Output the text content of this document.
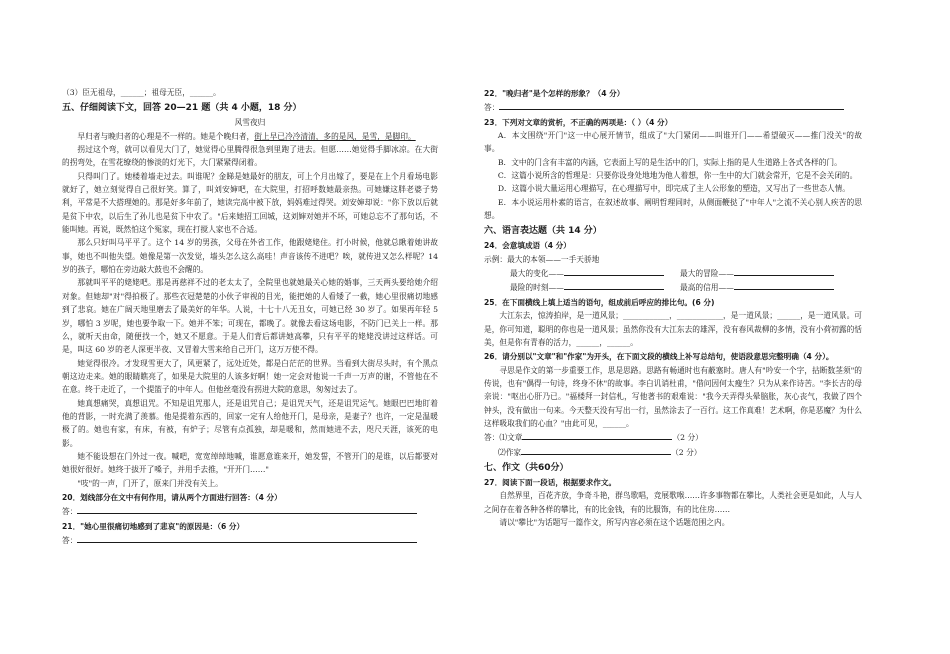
（3）臣无祖母，______；祖母无臣，______。

五、仔细阅读下文，回答 20—21 题（共 4 小题，18 分）

风雪夜归

早归者与晚归者的心理是不一样的。她是个晚归者，街上早已冷冷清清，多的是风，是雪，是脚印。

拐过这个弯，就可以看见大门了，她觉得心里腾得很急到里跑了进去。但愿……她觉得手脚冰凉。在大街的拐弯处，在雪花缭绕的惨淡的灯光下，大门紧紧得闭着。

只得叫门了。她楼着墙走过去。叫谁呢？金睇是她最好的朋友，可上个月出嫁了，要是在上个月看场电影就好了，她立刻觉得自己很好笑。算了，叫刘安婶吧，在大院里，打招呼数她最亲热。可她嫌这胖老婆子势利，平常是不大搭理她的。那是好多年前了，她读完高中被下放，妈妈难过得哭。刘安婶却说："你下放以后就是贫下中农，以后生了孙儿也是贫下中农了。"后来她招工回城，这刘婶对她并不坏，可她总忘不了那句话，不能叫她。再说，既然怕这个冤家，现在打搅人家也不合适。

那么只好叫马平平了。这个 14 岁的男孩，父母在外省工作，他跟姥姥住。打小时候，他就总瞅着她讲故事，她也不叫他失望。她像是第一次发觉，墙头怎么这么高哇！声音该传不进吧？唉，就传进又怎么样呢？14 岁的孩子，哪怕在旁边敲大鼓也不会醒的。

那就叫平平的姥姥吧。那是再慈祥不过的老太太了，全院里也就她最关心她的婚事，三天两头要给她介绍对象。但她却"对"得拍极了。那些衣冠楚楚的小伙子审视的目光，能把她的人看矮了一截，她心里很痛切地感到了悲哀。她在广阔天地里磨去了最美好的年华。人说，十七十八无丑女，可她已经 30 岁了。如果再年轻 5 岁，哪怕 3 岁呢，她也要争取一下。她并不笨；可现在，都晚了。就像去看这场电影，不防门已关上一样。那么，就听天由命，随便找一个，她又不愿意。于是人们背后都讲她高攀，只有平平的姥姥没讲过这样话。可是，叫这 60 岁的老人深更半夜、又冒着大雪来给自己开门，这万万使不得。

她觉得很冷。才发现雪更大了，风更紧了，远处近处，都是白茫茫的世界。当看到大街尽头时，有个黑点朝这边走来。她的眼睛瞧亮了，如果是大院里的人该多好啊！她一定会对他说一千声一万声的谢，不管他在不在意。终于走近了，一个提篮子的中年人。但他丝毫没有拐进大院的意思，匆匆过去了。

她真想痛哭，真想诅咒。不知是诅咒那人，还是诅咒自己；是诅咒天气，还是诅咒运气。她眼巴巴地盯着他的背影，一时充满了羡慕。他是提着东西的，回家一定有人给他开门，是母亲，是妻子？也许，一定是温暖极了的。她也有家，有床，有被，有炉子；尽管有点孤独，却是暖和，然而她进不去，咫尺天涯，该死的电影。

她不能设想在门外过一夜。喊吧，宽宽绰绰地喊，谁愿意谁来开，她发誓，不管开门的是谁，以后都要对她很好很好。她终于拔开了嗓子，并用手去推，"开开门……"

"吱"的一声，门开了，原来门并没有关上。

20．划线部分在文中有何作用，请从两个方面进行回答：（4 分）

答：

21．"她心里很痛切地感到了悲哀"的原因是：（6 分）

答：

22．"晚归者"是个怎样的形象？（4 分）

答：

23．下列对文章的赏析，不正确的两项是：（ ）（4 分）

A．本文围绕"开门"这一中心展开情节，组成了"大门紧闭——叫谁开门——希望破灭——推门没关"的故事。

B．文中的门含有丰富的内涵，它表面上写的是生活中的门，实际上指的是人生道路上各式各样的门。

C．这篇小说所含的哲理是：只要你设身处地地为他人着想，你一生中的大门就会常开，它是不会关闭的。

D．这篇小说大量运用心理描写，在心理描写中，即完成了主人公形象的塑造，又写出了一些世态人情。

E．本小说运用朴素的语言，在叙述故事、阐明哲理同时，从侧面鞭挞了"中年人"之流不关心别人疾苦的思想。

六、语言表达题（共 14 分）

24．会意填成语（4 分）

示例：最大的本领——一手天骄地

最大的变化——	最大的冒险——
最险的时刻——	最高的信用——

25．在下面横线上填上适当的语句，组成前后呼应的排比句。(6 分)

大江东去，惊涛拍岸，是一道风景；____________，____________，是一道风景；______，是一道风景。可是，你可知道，聪明的你也是一道风景；虽然你没有大江东去的雄浑，没有春风裁柳的多情，没有小荷初露的恬美，但是你有青春的活力，______，______。

26．请分别以"文章"和"作家"为开头，在下面文段的横线上补写总结句，使语段意思完整明确（4 分）。

寻思是作文的第一步重要工作，思是思路。思路有畅通时也有蔽塞时。唐人有"吟安一个字，拈断数茎须"的传说，也有"偶得一句诗，终身不休"的故事。李白讥诮杜甫，"借问因何太瘦生？只为从来作诗苦。"李长吉的母亲说："呕出心肝乃已。"福楼拜一封信札，写他著书的艰难说："我今天弄得头晕脑胀，灰心丧气，我做了四个钟头，没有做出一句来。今天整天没有写出一行，虽然涂去了一百行。这工作真难！艺术啊，你是恶魔？为什么这样吸取我们的心血？"由此可见，______。

答：⑴文章	（2 分）

⑵作家	（2 分）

七、作文（共60分）

27．阅读下面一段话，根据要求作文。

自然界里，百花齐放，争奇斗艳，群鸟歌唱，竞展歌喉……许多事物都在攀比，人类社会更是如此，人与人之间存在着各种各样的攀比，有的比金钱，有的比服饰，有的比住房……

请以"攀比"为话题写一篇作文，所写内容必须在这个话题范围之内。
